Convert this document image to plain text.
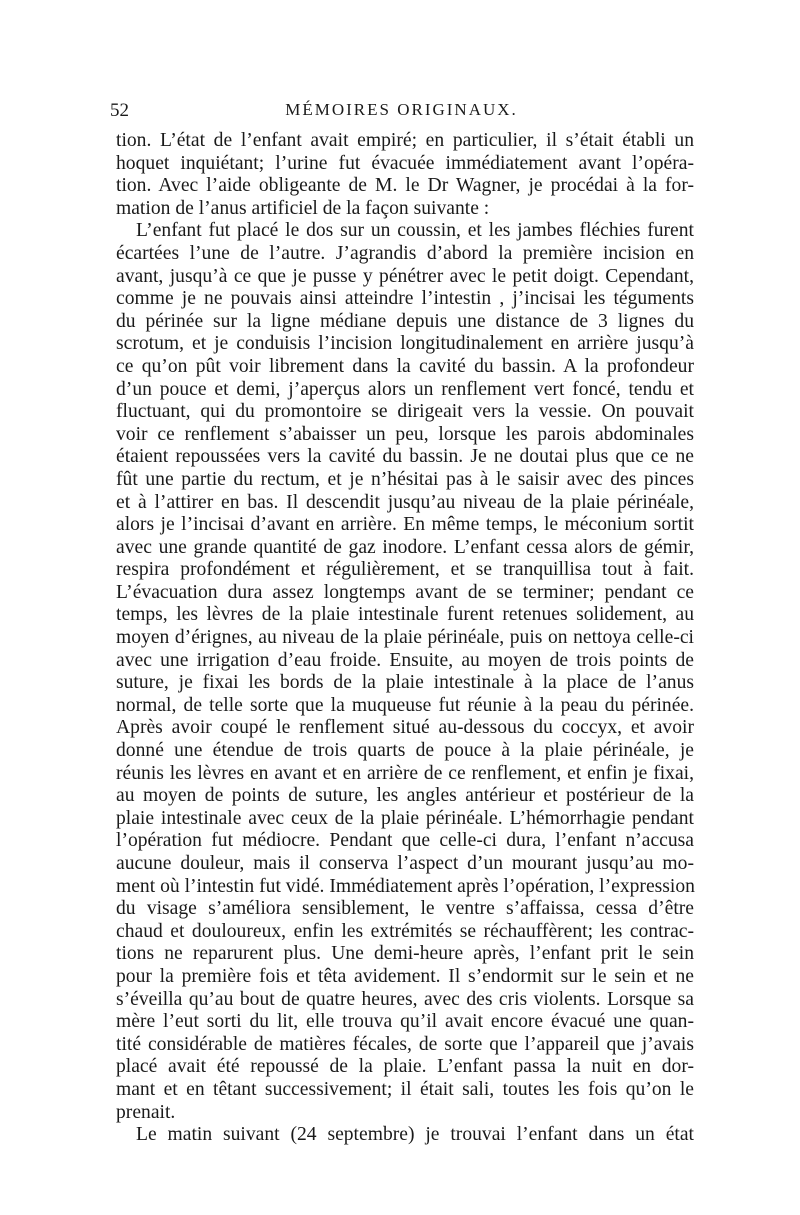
52	MÉMOIRES ORIGINAUX.
tion. L’état de l’enfant avait empiré; en particulier, il s’était établi un
hoquet inquiétant; l’urine fut évacuée immédiatement avant l’opéra-
tion. Avec l’aide obligeante de M. le Dr Wagner, je procédai à la for-
mation de l’anus artificiel de la façon suivante :
L’enfant fut placé le dos sur un coussin, et les jambes fléchies furent
écartées l’une de l’autre. J’agrandis d’abord la première incision en
avant, jusqu’à ce que je pusse y pénétrer avec le petit doigt. Cependant,
comme je ne pouvais ainsi atteindre l’intestin , j’incisai les téguments
du périnée sur la ligne médiane depuis une distance de 3 lignes du
scrotum, et je conduisis l’incision longitudinalement en arrière jusqu’à
ce qu’on pût voir librement dans la cavité du bassin. A la profondeur
d’un pouce et demi, j’aperçus alors un renflement vert foncé, tendu et
fluctuant, qui du promontoire se dirigeait vers la vessie. On pouvait
voir ce renflement s’abaisser un peu, lorsque les parois abdominales
étaient repoussées vers la cavité du bassin. Je ne doutai plus que ce ne
fût une partie du rectum, et je n’hésitai pas à le saisir avec des pinces
et à l’attirer en bas. Il descendit jusqu’au niveau de la plaie périnéale,
alors je l’incisai d’avant en arrière. En même temps, le méconium sortit
avec une grande quantité de gaz inodore. L’enfant cessa alors de gémir,
respira profondément et régulièrement, et se tranquillisa tout à fait.
L’évacuation dura assez longtemps avant de se terminer; pendant ce
temps, les lèvres de la plaie intestinale furent retenues solidement, au
moyen d’érignes, au niveau de la plaie périnéale, puis on nettoya celle-ci
avec une irrigation d’eau froide. Ensuite, au moyen de trois points de
suture, je fixai les bords de la plaie intestinale à la place de l’anus
normal, de telle sorte que la muqueuse fut réunie à la peau du périnée.
Après avoir coupé le renflement situé au-dessous du coccyx, et avoir
donné une étendue de trois quarts de pouce à la plaie périnéale, je
réunis les lèvres en avant et en arrière de ce renflement, et enfin je fixai,
au moyen de points de suture, les angles antérieur et postérieur de la
plaie intestinale avec ceux de la plaie périnéale. L’hémorrhagie pendant
l’opération fut médiocre. Pendant que celle-ci dura, l’enfant n’accusa
aucune douleur, mais il conserva l’aspect d’un mourant jusqu’au mo-
ment où l’intestin fut vidé. Immédiatement après l’opération, l’expression
du visage s’améliora sensiblement, le ventre s’affaissa, cessa d’être
chaud et douloureux, enfin les extrémités se réchauffèrent; les contrac-
tions ne reparurent plus. Une demi-heure après, l’enfant prit le sein
pour la première fois et têta avidement. Il s’endormit sur le sein et ne
s’éveilla qu’au bout de quatre heures, avec des cris violents. Lorsque sa
mère l’eut sorti du lit, elle trouva qu’il avait encore évacué une quan-
tité considérable de matières fécales, de sorte que l’appareil que j’avais
placé avait été repoussé de la plaie. L’enfant passa la nuit en dor-
mant et en têtant successivement; il était sali, toutes les fois qu’on le
prenait.
Le matin suivant (24 septembre) je trouvai l’enfant dans un état
